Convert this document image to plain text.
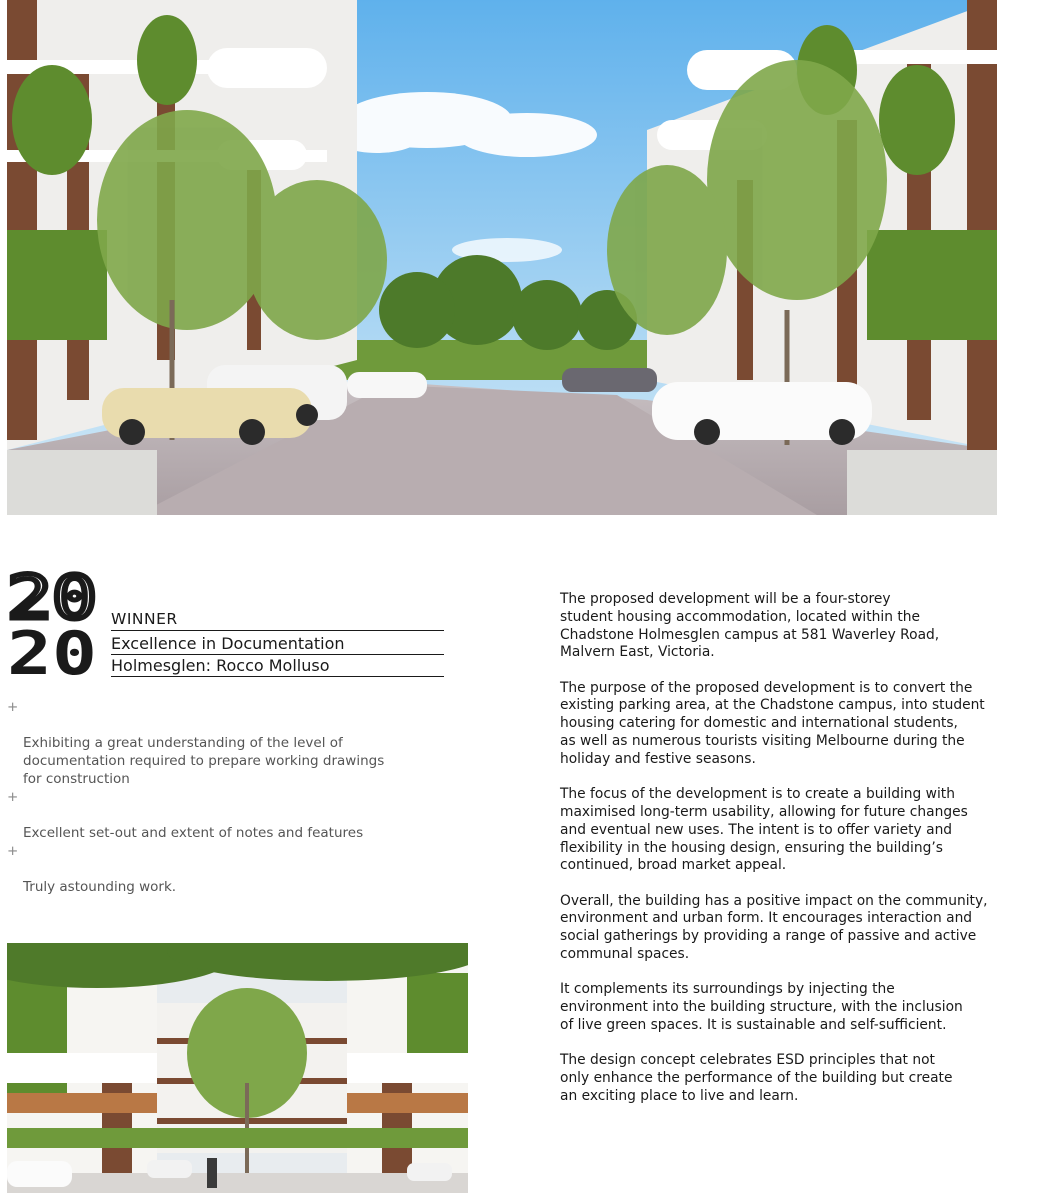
20
20 WINNER
Excellence in Documentation
Holmesglen: Rocco Molluso

+

Exhibiting a great understanding of the level of
documentation required to prepare working drawings
for construction

+

Excellent set-out and extent of notes and features

+

Truly astounding work.

The proposed development will be a four-storey
student housing accommodation, located within the
Chadstone Holmesglen campus at 581 Waverley Road,
Malvern East, Victoria.

The purpose of the proposed development is to convert the
existing parking area, at the Chadstone campus, into student
housing catering for domestic and international students,
as well as numerous tourists visiting Melbourne during the
holiday and festive seasons.

The focus of the development is to create a building with
maximised long-term usability, allowing for future changes
and eventual new uses. The intent is to offer variety and
flexibility in the housing design, ensuring the building’s
continued, broad market appeal.

Overall, the building has a positive impact on the community,
environment and urban form. It encourages interaction and
social gatherings by providing a range of passive and active
communal spaces.

It complements its surroundings by injecting the
environment into the building structure, with the inclusion
of live green spaces. It is sustainable and self-sufficient.

The design concept celebrates ESD principles that not
only enhance the performance of the building but create
an exciting place to live and learn.
